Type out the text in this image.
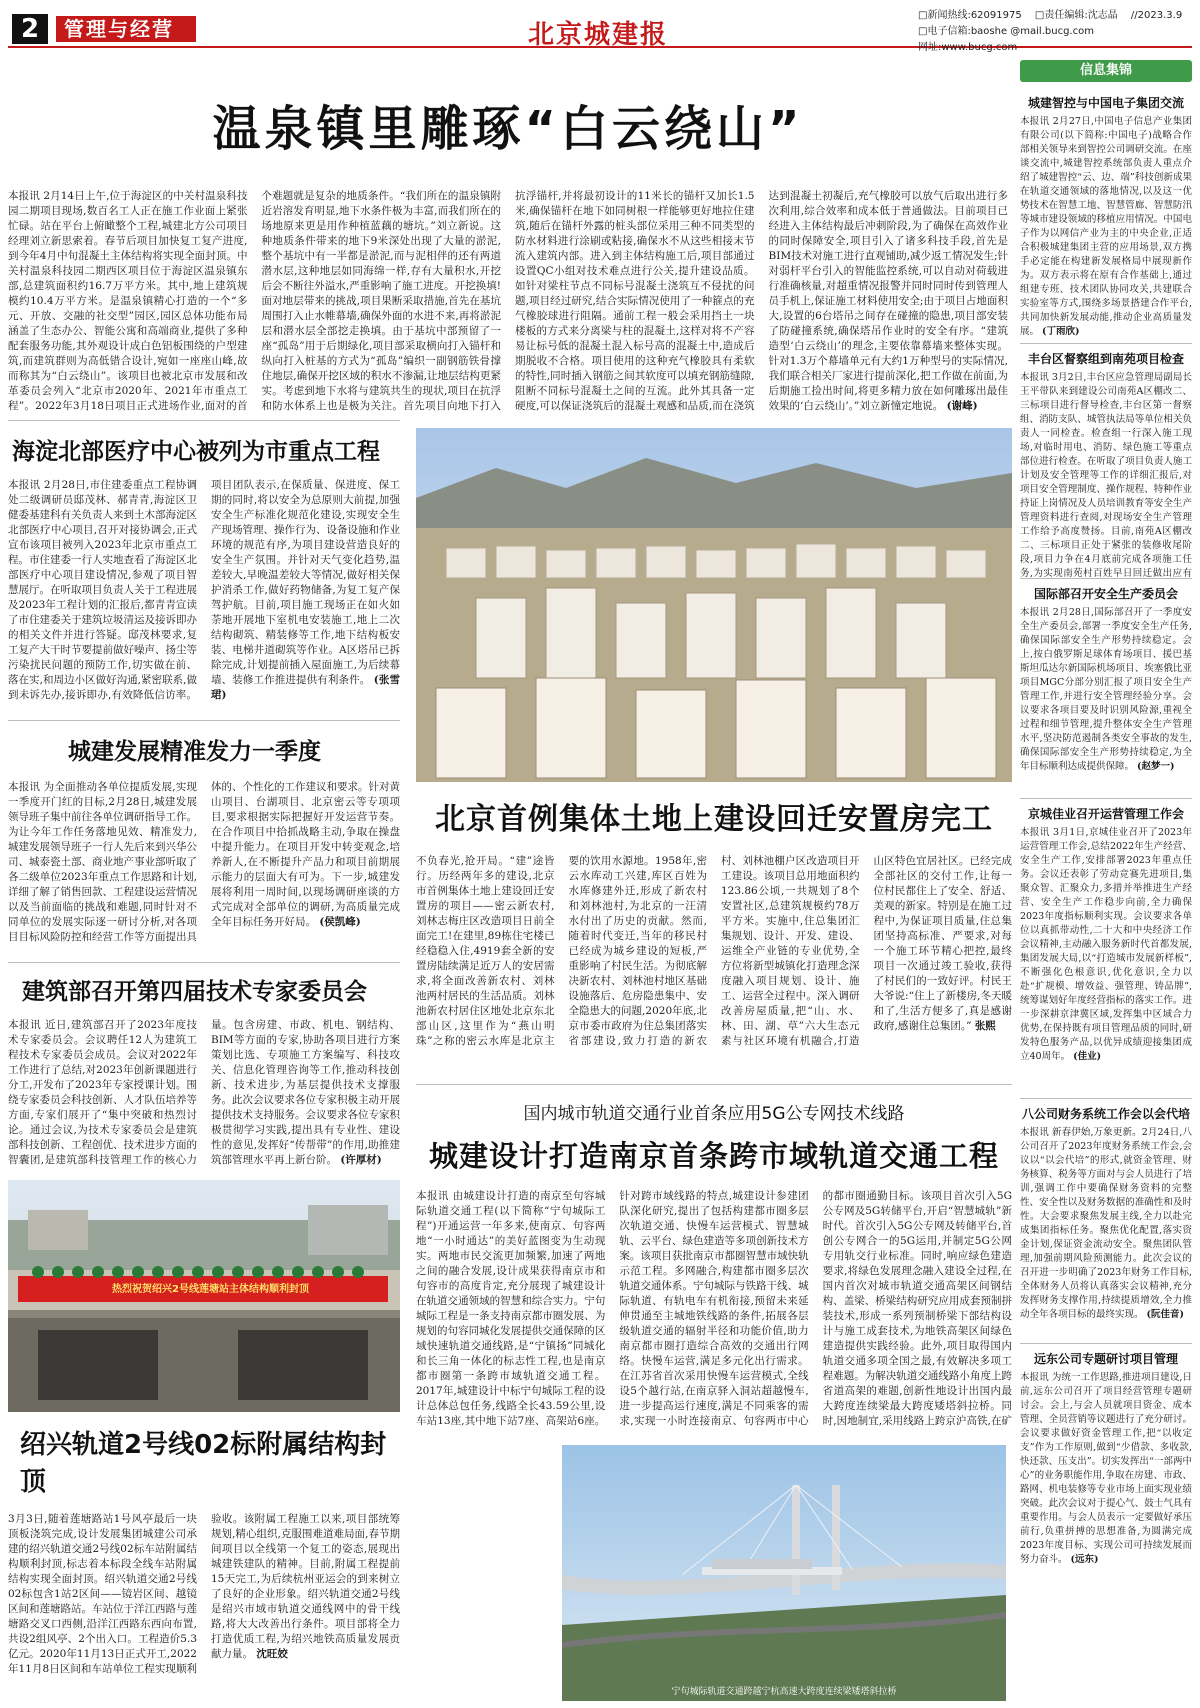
2	管理与经营	北京城建报
□新闻热线:62091975 □责任编辑:沈志晶 //2023.3.9
□电子信箱:baoshe @mail.bucg.com 网址:www.bucg.com
温泉镇里雕琢“白云绕山”
本报讯 2月14日上午,位于海淀区的中关村温泉科技园二期项目现场,数百名工人正在施工作业面上紧张忙碌。站在平台上俯瞰整个工程,城建北方公司项目经理刘立新思索着。春节后项目加快复工复产进度,到今年4月中旬混凝土主体结构将实现全面封顶。中关村温泉科技园二期西区项目位于海淀区温泉镇东部,总建筑面积约16.7万平方米。其中,地上建筑规模约10.4万平方米。是温泉镇精心打造的一个“多元、开放、交融的社交型”园区,园区总体功能布局涵盖了生态办公、智能公寓和高端商业,提供了多种配套服务功能,其外观设计成白色铝板围绕的户型建筑,而建筑群则为高低错合设计,宛如一座座山峰,故而称其为“白云绕山”。该项目也被北京市发展和改革委员会列入“北京市2020年、2021年市重点工程”。2022年3月18日项目正式进场作业,面对的首个难题就是复杂的地质条件。“我们所在的温泉镇附近岩溶发育明显,地下水条件极为丰富,而我们所在的场地原来更是用作种植蓝藕的塘坑。”刘立新说。这种地质条件带来的地下9米深处出现了大量的淤泥,整个基坑中有一半都是淤泥,而与泥相伴的还有两道潜水层,这种地层如同海绵一样,存有大量积水,开挖后会不断往外溢水,严重影响了施工进度。开挖换填!面对地层带来的挑战,项目果断采取措施,首先在基坑周围打入止水帷幕墙,确保外面的水进不来,再将淤泥层和潜水层全部挖走换填。由于基坑中部预留了一座“孤岛”用于后期绿化,项目部采取横向打入锚杆和纵向打入桩基的方式为“孤岛”编织一副钢筋铁骨撑住地层,确保开挖区域的积水不渗漏,让地层结构更紧实。考虑到地下水将与建筑共生的现状,项目在抗浮和防水体系上也是极为关注。首先项目向地下打入抗浮锚杆,并将最初设计的11米长的锚杆又加长1.5米,确保锚杆在地下如同树根一样能够更好地拉住建筑,随后在锚杆外露的桩头部位采用三种不同类型的防水材料进行涂刷或粘接,确保水不从这些相接末节流入建筑内部。进入到主体结构施工后,项目部通过设置QC小组对技术难点进行公关,提升建设品质。如针对梁柱节点不同标号混凝土浇筑互不侵扰的问题,项目经过研究,结合实际情况使用了一种箍点的充气橡胶球进行阻隔。通前工程一般会采用挡土一块楼板的方式来分离梁与柱的混凝土,这样对将不产容易让标号低的混凝土混入标号高的混凝土中,造成后期脱收不合格。项目使用的这种充气橡胶具有柔软的特性,同时插入钢筋之间其软度可以填充钢筋缝隙,阻断不同标号混凝土之间的互流。此外其具备一定硬度,可以保证浇筑后的混凝土观感和品质,而在浇筑达到混凝土初凝后,充气橡胶可以放气后取出进行多次利用,综合效率和成本低于普通做法。目前项目已经进入主体结构最后冲刺阶段,为了确保在高效作业的同时保障安全,项目引入了诸多科技手段,首先是BIM技术对施工进行直观铺助,减少返工情况发生;针对弱杆平台引入的智能监控系统,可以自动对荷载进行准确核量,对超重情况报警并同时同时传到管理人员手机上,保证施工材料使用安全;由于项目占地面积大,设置的6台塔吊之间存在碰撞的隐患,项目部安装了防碰撞系统,确保塔吊作业时的安全有序。“建筑造型‘白云绕山’的理念,主要依靠幕墙来整体实现。针对1.3万个幕墙单元有大约1万种型号的实际情况,我们联合相关厂家进行提前深化,把工作做在前面,为后期施工捡出时间,将更多精力放在如何雕琢出最佳效果的‘白云绕山’。”刘立新憧定地说。 (谢峰)
海淀北部医疗中心被列为市重点工程
本报讯 2月28日,市住建委重点工程协调处二级调研员邸茂林、郝青青,海淀区卫健委基建科有关负责人来到土木部海淀区北部医疗中心项目,召开对接协调会,正式宣布该项目被列入2023年北京市重点工程。市住建委一行人实地查看了海淀区北部医疗中心项目建设情况,参观了项目智慧展厅。在听取项目负责人关于工程进展及2023年工程计划的汇报后,都青青宣读了市住建委关于建筑垃圾清运及接诉即办的相关文件并进行答疑。邸茂林要求,复工复产大干时节要提前做好噪声、扬尘等污染扰民问题的预防工作,切实做在前、落在实,和周边小区做好沟通,紧密联系,做到未诉先办,接诉即办,有效降低信访率。项目团队表示,在保质量、保进度、保工期的同时,将以安全为总原则大前提,加强安全生产标准化规范化建设,实现安全生产现场管理、操作行为、设备设施和作业环境的规范有序,为项目建设营造良好的安全生产氛围。并针对天气变化趋势,温差较大,早晚温差较大等情况,做好相关保护消杀工作,做好药物储备,为复工复产保驾护航。目前,项目施工现场正在如火如荼地开展地下室机电安装施工,地上二次结构砌筑、精装修等工作,地下结构板安装、电梯井道砌筑等作业。A区塔吊已拆除完成,计划提前插入屋面施工,为后续幕墙、装修工作推进提供有利条件。 (张雪珺)
城建发展精准发力一季度
本报讯 为全面推动各单位提质发展,实现一季度开门红的目标,2月28日,城建发展领导班子集中前往各单位调研指导工作。为让今年工作任务落地见效、精准发力,城建发展领导班子一行人先后来到兴华公司、城泰瓷土部、商业地产事业部听取了各二级单位2023年重点工作思路和计划,详细了解了销售回款、工程建设运营情况以及当前面临的挑战和难题,同时针对不同单位的发展实际逐一研讨分析,对各项目目标风险防控和经营工作等方面提出具体的、个性化的工作建议和要求。针对黄山项目、台湖项目、北京密云等专项项目,要求根据实际把握好开发运营节奏。在合作项目中拾抓战略主动,争取在操盘中提升能力。在项目开发中转变观念,培养新人,在不断提升产品力和项目前期展示能力的层面大有可为。下一步,城建发展将利用一周时间,以现场调研座谈的方式完成对全部单位的调研,为高质量完成全年目标任务开好局。 (侯凯峰)
建筑部召开第四届技术专家委员会
本报讯 近日,建筑部召开了2023年度技术专家委员会。会议聘任12人为建筑工程技术专家委员会成员。会议对2022年工作进行了总结,对2023年创新课题进行分工,开发布了2023年专家授课计划。围绕专家委员会科技创新、人才队伍培养等方面,专家们展开了“集中突破和热烈讨论。通过会议,为技术专家委员会是建筑部科技创新、工程创优、技术进步方面的智囊团,是建筑部科技管理工作的核心力量。包含房建、市政、机电、钢结构、BIM等方面的专家,协助各项目进行方案策划比选、专项施工方案编写、科技攻关、信息化管理咨询等工作,推动科技创新、技术进步,为基层提供技术支撑服务。此次会议要求各位专家积极主动开展提供技术支持服务。会议要求各位专家积极贯彻学习实践,提出具有专业性、建设性的意见,发挥好“传帮带”的作用,助推建筑部管理水平再上新台阶。 (许厚材)
热烈祝贺绍兴2号线莲塘站主体结构顺利封顶
绍兴轨道2号线02标附属结构封顶
3月3日,随着莲塘路站1号风亭最后一块顶板浇筑完成,设计发展集团城建公司承建的绍兴轨道交通2号线02标车站附属结构顺利封顶,标志着本标段全线车站附属结构实现全面封顶。绍兴轨道交通2号线02标包含1站2区间——镜岩区间、越镜区间和莲塘路站。车站位于洋江西路与莲塘路交叉口西侧,沿洋江西路东西向布置,共设2组风亭、2个出入口。工程造价5.3亿元。2020年11月13日正式开工,2022年11月8日区间和车站单位工程实现顺利验收。该附属工程施工以来,项目部统筹规划,精心组织,克服围难道难局面,春节期间项目以全线第一个复工的姿态,展现出城建铁建队的精神。目前,附属工程提前15天完工,为后续杭州亚运会的到来树立了良好的企业形象。绍兴轨道交通2号线是绍兴市域市轨道交通线网中的骨干线路,将大大改善出行条件。项目部将全力打造优质工程,为绍兴地铁高质量发展贡献力量。 沈旺姣
北京首例集体土地上建设回迁安置房完工
不负春光,抢开局。“建”途皆行。历经两年多的建设,北京市首例集体土地上建设回迁安置房的项目——密云新农村,刘林志梅庄区改造项目日前全面完工!在建里,89栋住宅楼已经稳稳入住,4919套全新的安置房陆续满足近万人的安居需求,将全面改善新农村、刘林池两村居民的生活品质。刘林池新农村居住区地处北京东北部山区,这里作为“燕山明珠”之称的密云水库是北京主要的饮用水源地。1958年,密云水库动工兴建,库区百姓为水库修建外迁,形成了新农村和刘林池村,为北京的一汪清水付出了历史的贡献。然而,随着时代变迁,当年的移民村已经成为城乡建设的短板,严重影响了村民生活。为彻底解决新农村、刘林池村地区基础设施落后、危房隐患集中、安全隐患大的问题,2020年底,北京市委市政府为住总集团落实省部建设,致力打造的新农村、刘林池棚户区改造项目开工建设。该项目总用地面积约123.86公顷,一共规划了8个安置社区,总建筑规模约78万平方米。实施中,住总集团汇集规划、设计、开发、建设、运维全产业链的专业优势,全方位将新型城镇化打造理念深度融入项目规划、设计、施工、运营全过程中。深入调研改善房屋质量,把“山、水、林、田、湖、草”六大生态元素与社区环境有机融合,打造山区特色宜居社区。已经完成全部社区的交付工作,让每一位村民都住上了安全、舒适、美观的新家。特别是在施工过程中,为保证项目质量,住总集团坚持高标准、严要求,对每一个施工环节精心把控,最终项目一次通过竣工验收,获得了村民们的一致好评。村民王大爷说:“住上了新楼房,冬天暖和了,生活方便多了,真是感谢政府,感谢住总集团。” 张熙
国内城市轨道交通行业首条应用5G公专网技术线路
城建设计打造南京首条跨市域轨道交通工程
本报讯 由城建设计打造的南京至句容城际轨道交通工程(以下简称“宁句城际工程”)开通运营一年多来,使南京、句容两地“一小时通达”的美好蓝图变为生动现实。两地市民交流更加频繁,加速了两地之间的融合发展,设计成果获得南京市和句容市的高度肯定,充分展现了城建设计在轨道交通领域的智慧和综合实力。宁句城际工程是一条支持南京都市圈发展、为规划的句容同城化发展提供交通保障的区域快速轨道交通线路,是“宁镇扬”同城化和长三角一体化的标志性工程,也是南京都市圈第一条跨市域轨道交通工程。2017年,城建设计中标宁句城际工程的设计总体总包任务,线路全长43.59公里,设车站13座,其中地下站7座、高架站6座。针对跨市域线路的特点,城建设计参建团队深化研究,提出了包括构建都市圈多层次轨道交通、快慢车运营模式、智慧城轨、云平台、绿色建造等多项创新技术方案。该项目获批南京市都圈智慧市域快轨示范工程。多网融合,构建都市圈多层次轨道交通体系。宁句城际与铁路干线、城际轨道、有轨电车有机衔接,预留未来延伸贯通至主城地铁线路的条件,拓展各层级轨道交通的辐射半径和功能价值,助力南京都市圈打造综合高效的交通出行网络。快慢车运营,满足多元化出行需求。在江苏省首次采用快慢车运营模式,全线设5个越行站,在南京驿入洞站超越慢车,进一步提高运行速度,满足不同乘客的需求,实现一小时连接南京、句容两市中心的都市圈通勤目标。该项目首次引入5G公专网及5G转储平台,开启“智慧城轨”新时代。首次引入5G公专网及转储平台,首创公专网合一的5G运用,并制定5G公网专用轨交行业标准。同时,响应绿色建造要求,将绿色发展理念融入建设全过程,在国内首次对城市轨道交通高架区间钢结构、盖梁、桥梁结构研究应用成套预制拼装技术,形成一系列预制桥梁下部结构设计与施工成套技术,为地铁高架区间绿色建造提供实践经验。此外,项目取得国内轨道交通多项全国之最,有效解决多项工程难题。为解决轨道交通线路小角度上跨省道高架的难题,创新性地设计出国内最大跨度连续梁最大跨度矮塔斜拉桥。同时,因地制宜,采用线路上跨京沪高铁,在矿
宁句城际轨道交通跨越宁杭高速大跨度连续梁矮塔斜拉桥
信息集锦
城建智控与中国电子集团交流
本报讯 2月27日,中国电子信息产业集团有限公司(以下简称:中国电子)战略合作部相关领导来到智控公司调研交流。在座谈交流中,城建智控系统部负责人重点介绍了城建智控“云、边、端”科技创新成果在轨道交通领域的落地情况,以及这一优势技术在智慧工地、智慧管廊、智慧防汛等城市建设领域的移植应用情况。中国电子作为以网信产业为主的中央企业,正适合积极城建集团主营的应用场景,双方携手必定能在构建新发展格局中展现新作为。双方表示将在原有合作基础上,通过组建专班、技术团队协同攻关,共建联合实验室等方式,围绕多场景搭建合作平台,共同加快新发展动能,推动企业高质量发展。 (丁雨欣)
丰台区督察组到南苑项目检查
本报讯 3月2日,丰台区应急管理局副局长王平带队来到建设公司南苑A区棚改二、三标项目进行督导检查,丰台区第一督察组、消防支队、城管执法局等单位相关负责人一同检查。检查组一行深入施工现场,对临时用电、消防、绿色施工等重点部位进行检查。在听取了项目负责人施工计划及安全管理等工作的详细汇报后,对项目安全管理制度、操作规程、特种作业持证上岗情况及人员培训教育等安全生产管理资料进行查阅,对现场安全生产管理工作给予高度赞扬。目前,南苑A区棚改二、三标项目正处于紧张的装修收尾阶段,项目力争在4月底前完成各项施工任务,为实现南苑村百姓早日回迁做出应有
国际部召开安全生产委员会
本报讯 2月28日,国际部召开了一季度安全生产委员会,部署一季度安全生产任务,确保国际部安全生产形势持续稳定。会上,按白俄罗斯足球体育场项目、援巴基斯坦瓜达尔新国际机场项目、埃塞俄比亚项目MGC分部分别汇报了项目安全生产管理工作,并进行安全管理经验分享。会议要求各项目要及时识别风险源,重视全过程和细节管理,提升整体安全生产管理水平,坚决防范遏制各类安全事故的发生,确保国际部安全生产形势持续稳定,为全年目标顺利达成提供保障。 (赵梦一)
京城佳业召开运营管理工作会
本报讯 3月1日,京城佳业召开了2023年运营管理工作会,总结2022年生产经营、安全生产工作,安排部署2023年重点任务。会议还表彰了劳动竞赛先进项目,集聚众智、汇聚众力,多措并举推进生产经营、安全生产工作稳步向前,全力确保2023年度指标顺利实现。会议要求各单位以真抓带动性,二十大和中央经济工作会议精神,主动融入服务新时代首都发展,集团发展大局,以“打造城市发展新样板”,不断强化色根意识,优化意识,全力以赴“扩规模、增效益、强管理、铸品牌”,统筹谋划好年度经营指标的落实工作。进一步深耕京津冀区域,发挥集中区域合力优势,在保持既有项目管理品质的同时,研发特色服务产品,以优异成绩迎接集团成立40周年。 (佳业)
八公司财务系统工作会以会代培
本报讯 新春伊始,万象更新。2月24日,八公司召开了2023年度财务系统工作会,会议以“以会代培”的形式,就资金管理、财务核算、税务等方面对与会人员进行了培训,强调工作中要确保财务资料的完整性、安全性以及财务数据的准确性和及时性。大会要求聚焦发展主线,全力以赴完成集团指标任务。聚焦优化配置,落实资金计划,保证资金流动安全。聚焦团队管理,加强前期风险预测能力。此次会议的召开进一步明确了2023年财务工作目标,全体财务人员将认真落实会议精神,充分发挥财务支撑作用,持续提质增效,全力推动全年各项目标的最终实现。 (阮佳音)
远东公司专题研讨项目管理
本报讯 为统一工作思路,推进项目建设,日前,远东公司召开了项目经营管理专题研讨会。会上,与会人员就项目资金、成本管理、全员营销等议题进行了充分研讨。会议要求做好资金管理工作,把“以收定支”作为工作原则,做到“少借款、多收款,快还款、压支出”。切实发挥出“一部两中心”的业务职能作用,争取在房建、市政、路网、机电装修等专业市场上面实现业绩突破。此次会议对于提心气、鼓士气具有重要作用。与会人员表示一定要做好承压前行,负重拼搏的思想准备,为圆满完成2023年度目标、实现公司可持续发展而努力奋斗。 (远东)
